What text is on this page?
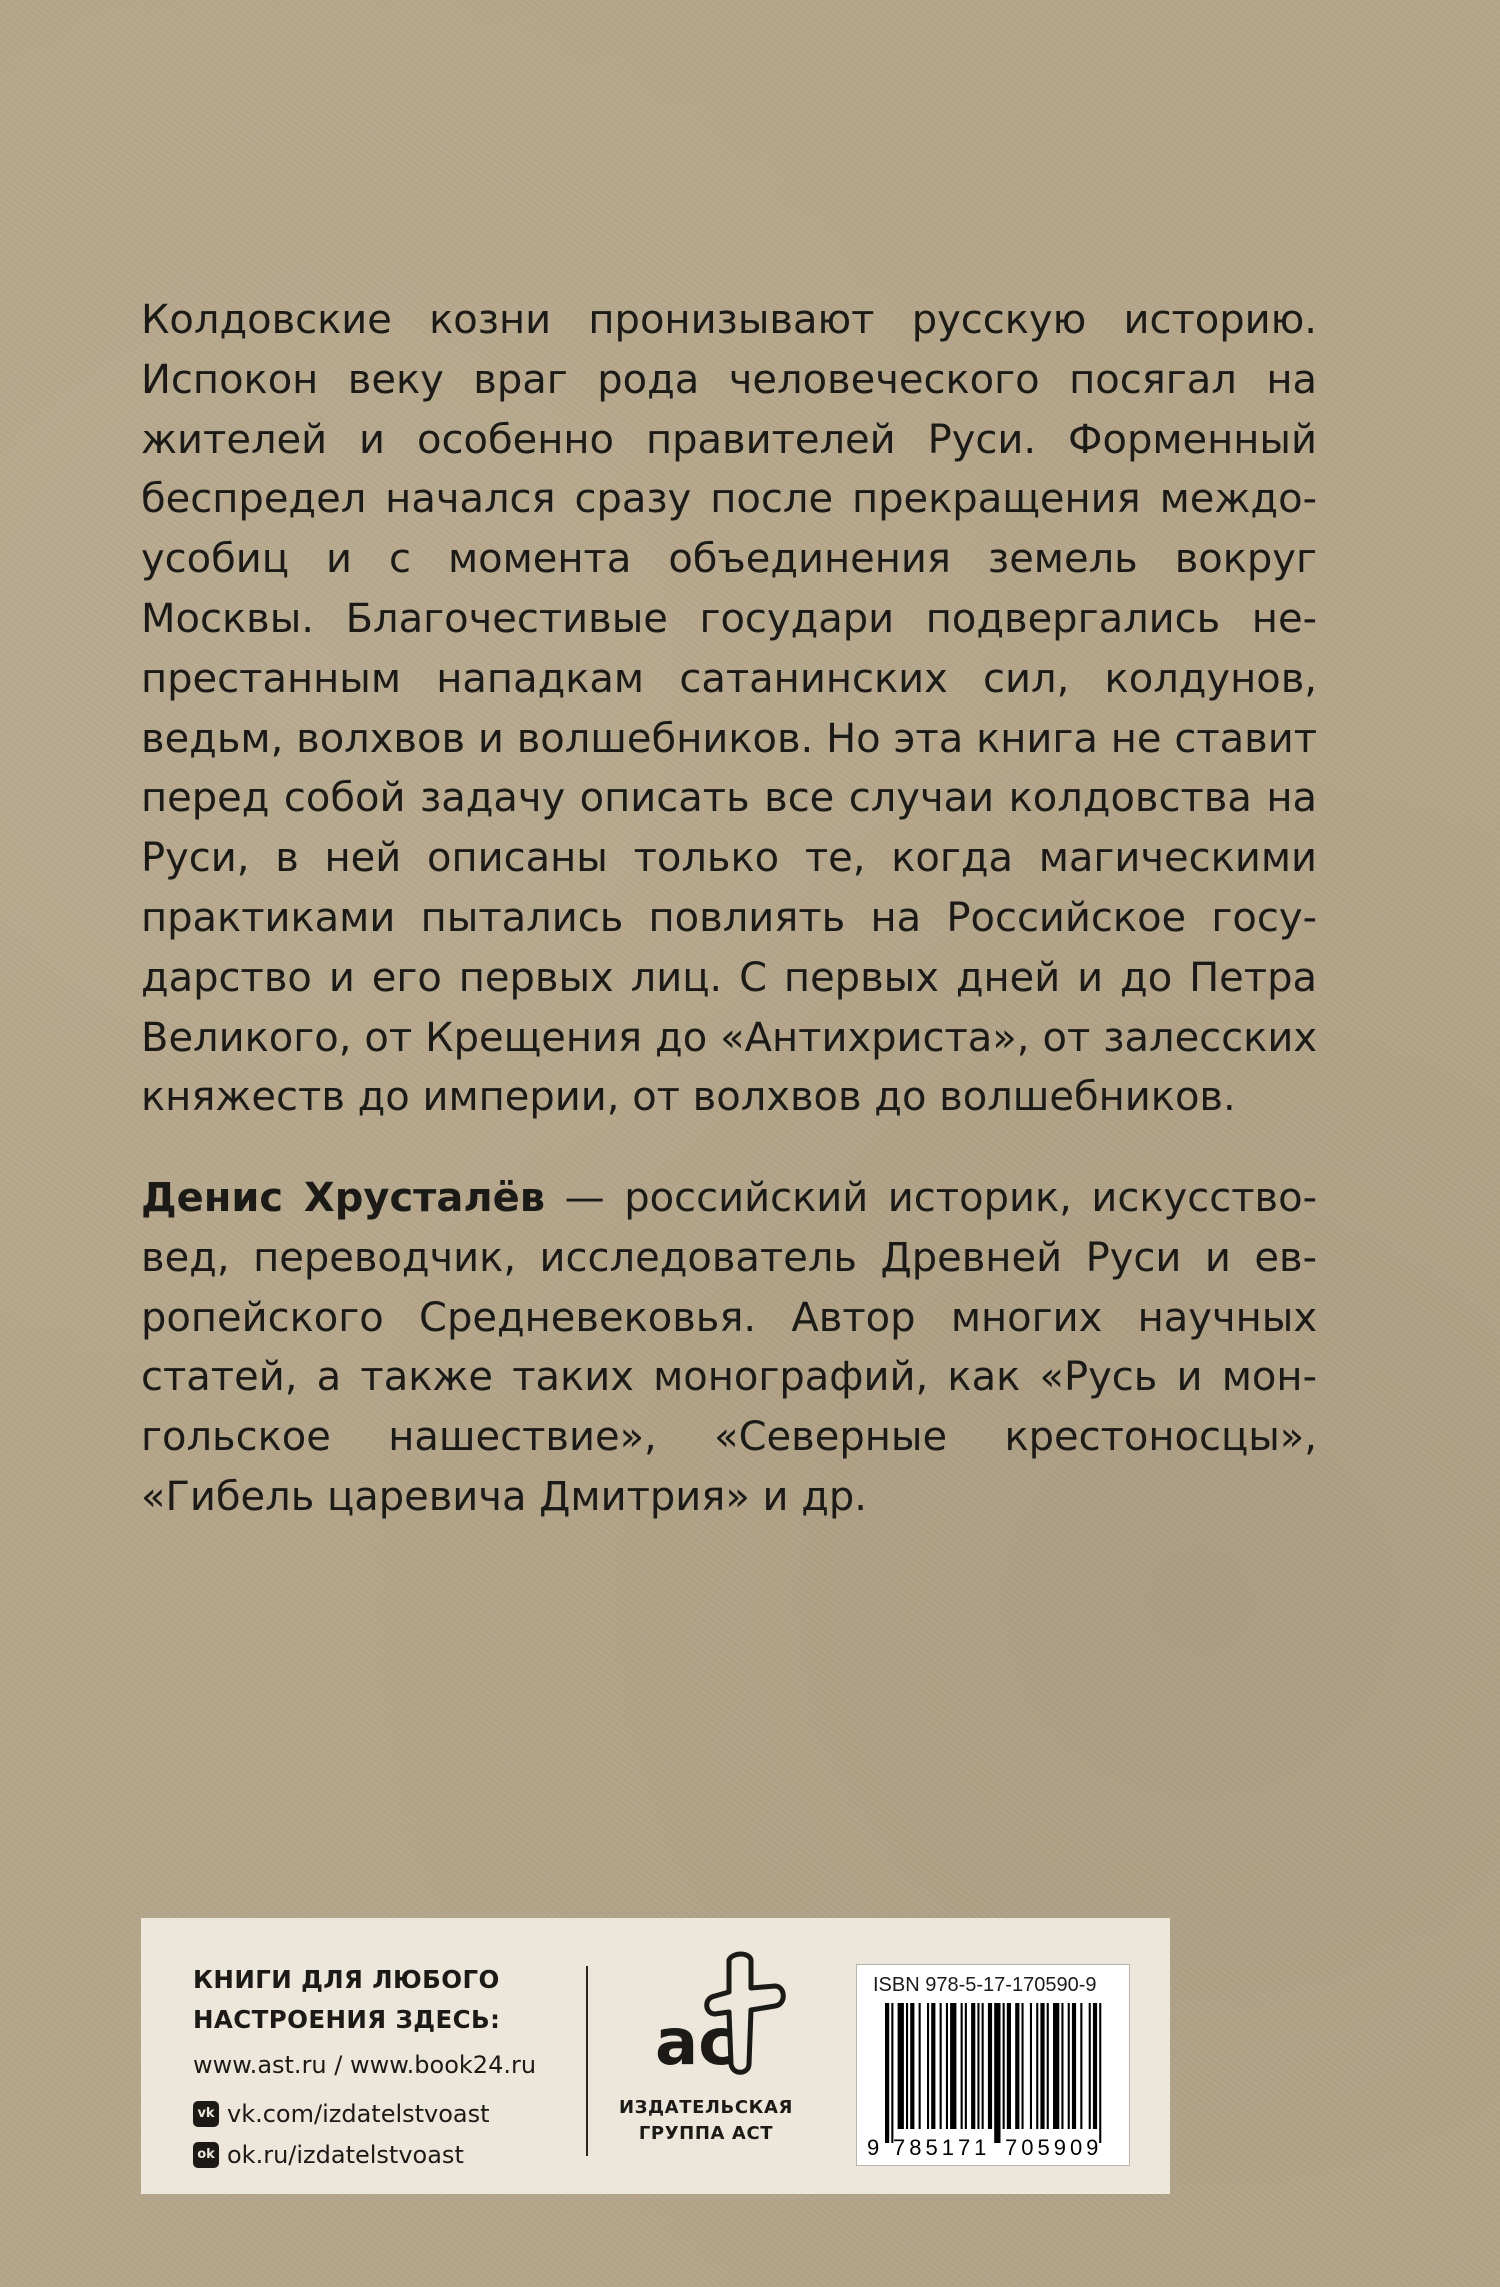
Колдовские козни пронизывают русскую историю. Испокон веку враг рода человеческого посягал на жителей и особенно правителей Руси. Форменный беспредел начался сразу после прекращения междоусобиц и с момента объединения земель вокруг Москвы. Благочестивые государи подвергались непрестанным нападкам сатанинских сил, колдунов, ведьм, волхвов и волшебников. Но эта книга не ставит перед собой задачу описать все случаи колдовства на Руси, в ней описаны только те, когда магическими практиками пытались повлиять на Российское государство и его первых лиц. С первых дней и до Петра Великого, от Крещения до «Антихриста», от залесских княжеств до империи, от волхвов до волшебников.

Денис Хрусталёв — российский историк, искусствовед, переводчик, исследователь Древней Руси и европейского Средневековья. Автор многих научных статей, а также таких монографий, как «Русь и монгольское нашествие», «Северные крестоносцы», «Гибель царевича Дмитрия» и др.

КНИГИ ДЛЯ ЛЮБОГО
НАСТРОЕНИЯ ЗДЕСЬ:
www.ast.ru / www.book24.ru
vk vk.com/izdatelstvoast
ok ok.ru/izdatelstvoast
ac
ИЗДАТЕЛЬСКАЯ
ГРУППА АСТ
ISBN 978-5-17-170590-9
9 785171 705909
